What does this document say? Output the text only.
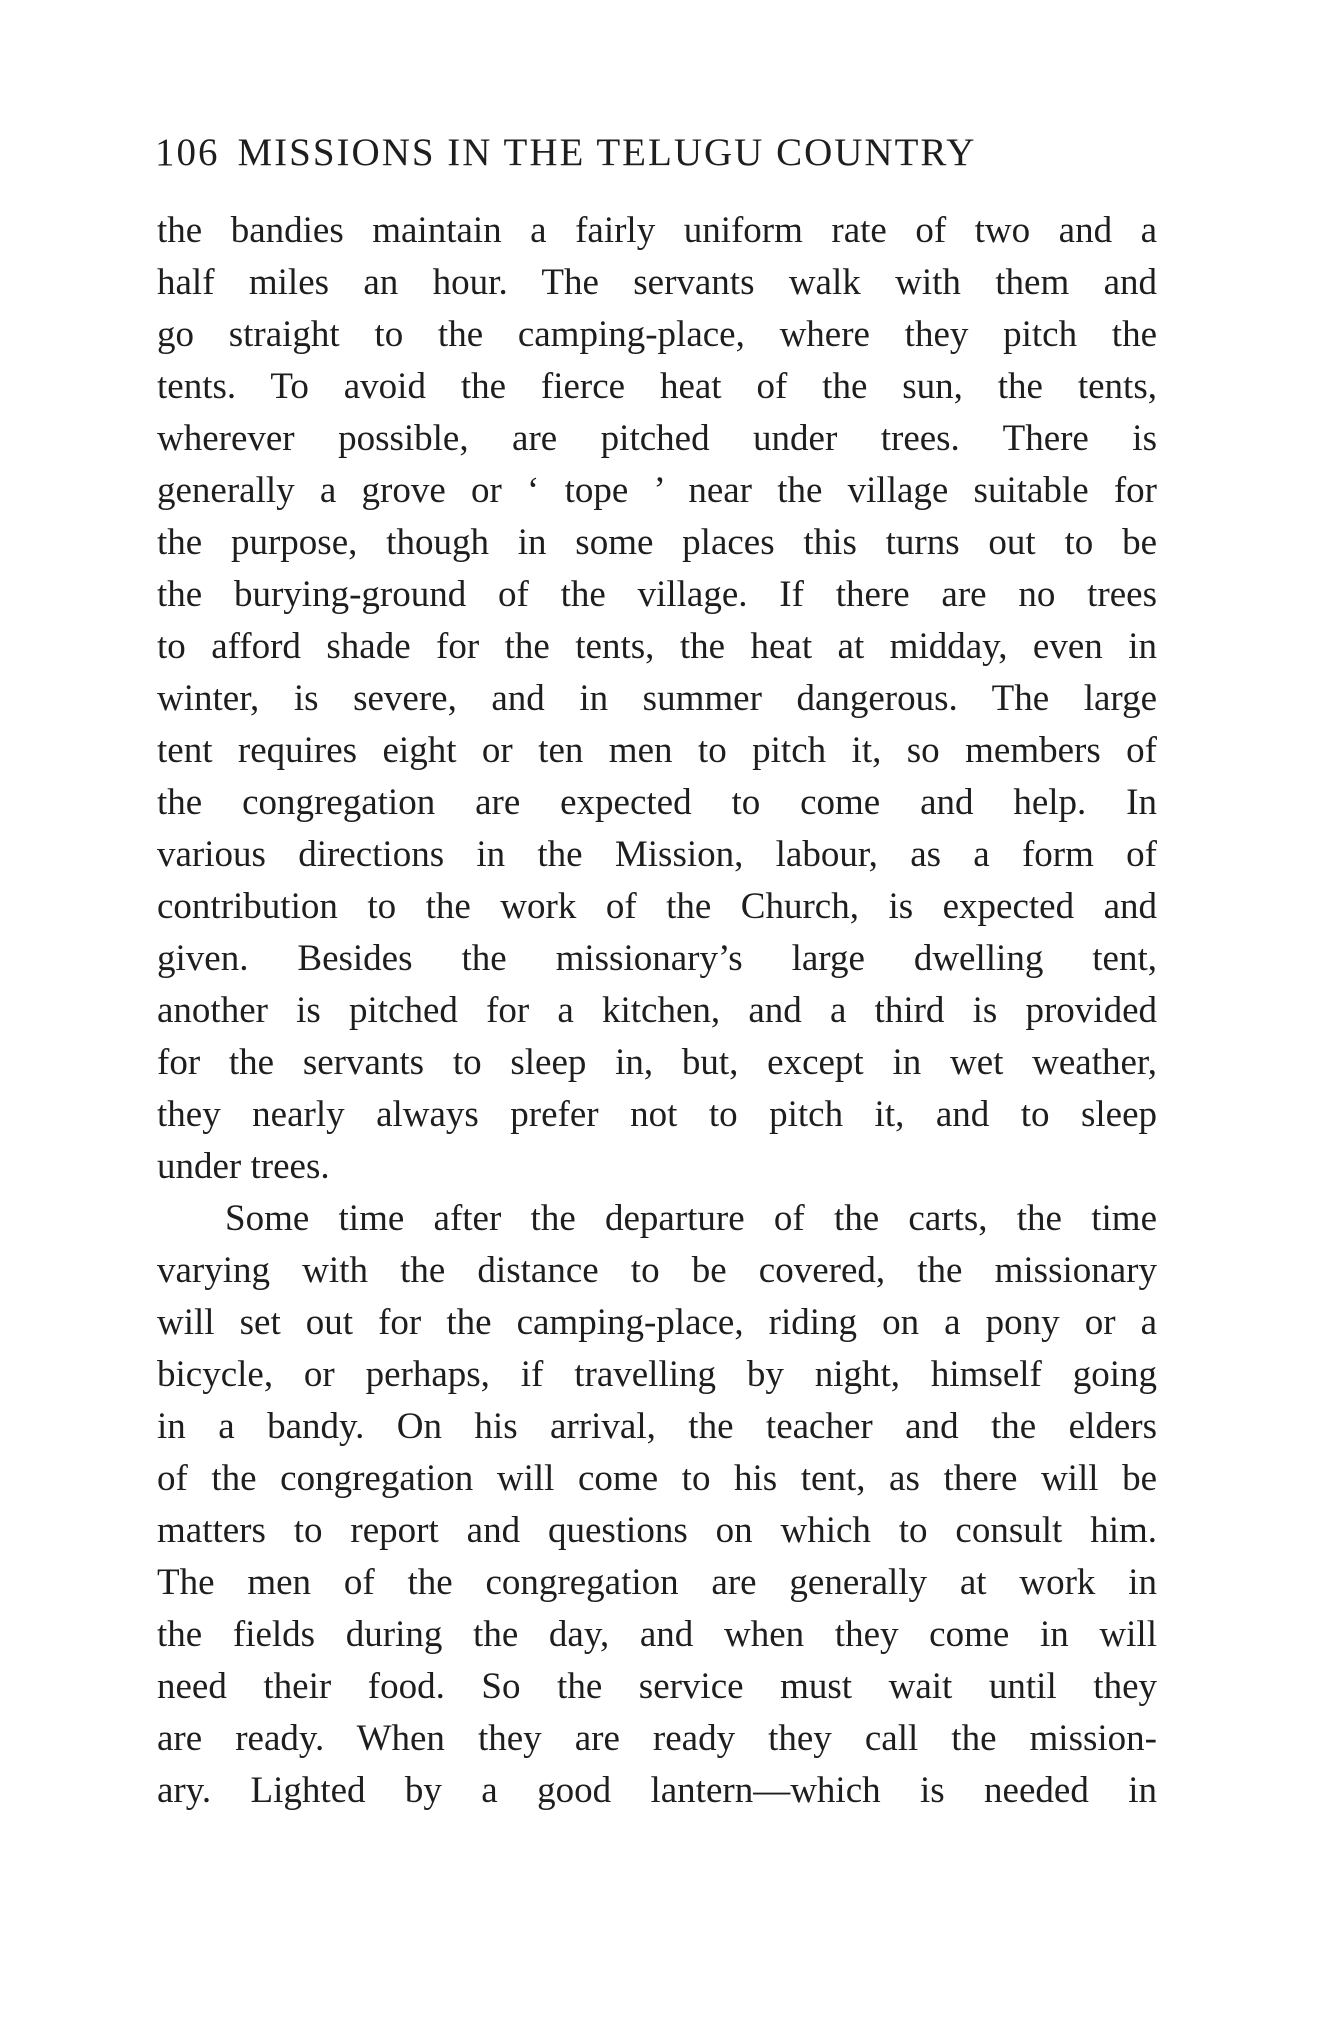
106 MISSIONS IN THE TELUGU COUNTRY
the bandies maintain a fairly uniform rate of two and a
half miles an hour. The servants walk with them and
go straight to the camping-place, where they pitch the
tents. To avoid the fierce heat of the sun, the tents,
wherever possible, are pitched under trees. There is
generally a grove or ‘ tope ’ near the village suitable for
the purpose, though in some places this turns out to be
the burying-ground of the village. If there are no trees
to afford shade for the tents, the heat at midday, even in
winter, is severe, and in summer dangerous. The large
tent requires eight or ten men to pitch it, so members of
the congregation are expected to come and help. In
various directions in the Mission, labour, as a form of
contribution to the work of the Church, is expected and
given. Besides the missionary’s large dwelling tent,
another is pitched for a kitchen, and a third is provided
for the servants to sleep in, but, except in wet weather,
they nearly always prefer not to pitch it, and to sleep
under trees.
Some time after the departure of the carts, the time
varying with the distance to be covered, the missionary
will set out for the camping-place, riding on a pony or a
bicycle, or perhaps, if travelling by night, himself going
in a bandy. On his arrival, the teacher and the elders
of the congregation will come to his tent, as there will be
matters to report and questions on which to consult him.
The men of the congregation are generally at work in
the fields during the day, and when they come in will
need their food. So the service must wait until they
are ready. When they are ready they call the mission-
ary. Lighted by a good lantern—which is needed in
